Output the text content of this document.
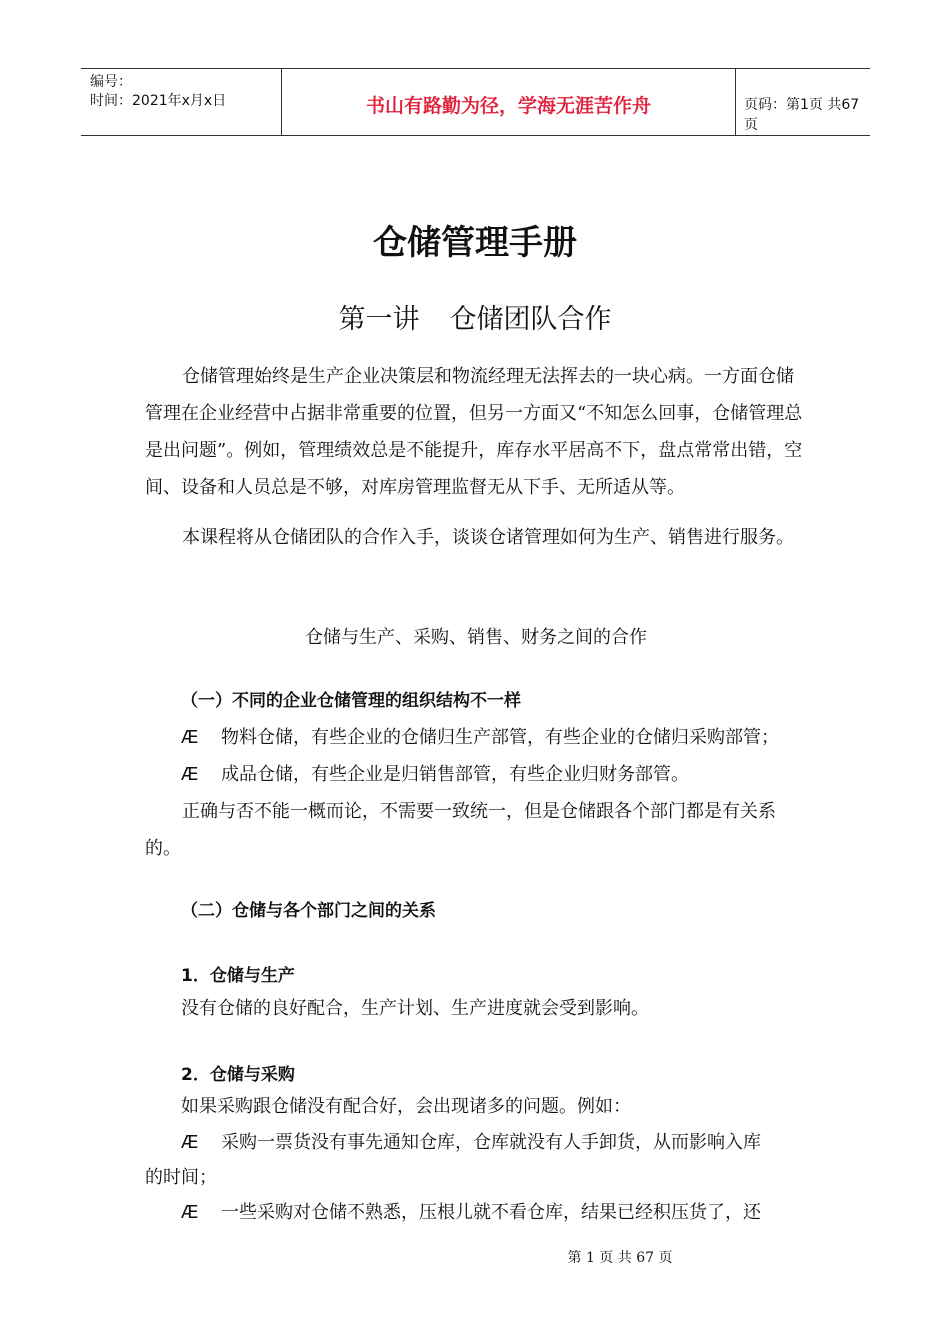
编号：
时间：2021年x月x日	书山有路勤为径，学海无涯苦作舟	页码：第1页 共67页
仓储管理手册
第一讲 仓储团队合作

仓储管理始终是生产企业决策层和物流经理无法挥去的一块心病。一方面仓储管理在企业经营中占据非常重要的位置，但另一方面又“不知怎么回事，仓储管理总是出问题”。例如，管理绩效总是不能提升，库存水平居高不下，盘点常常出错，空间、设备和人员总是不够，对库房管理监督无从下手、无所适从等。

本课程将从仓储团队的合作入手，谈谈仓诸管理如何为生产、销售进行服务。

仓储与生产、采购、销售、财务之间的合作

（一）不同的企业仓储管理的组织结构不一样

Æ 物料仓储，有些企业的仓储归生产部管，有些企业的仓储归采购部管；

Æ 成品仓储，有些企业是归销售部管，有些企业归财务部管。

正确与否不能一概而论，不需要一致统一，但是仓储跟各个部门都是有关系的。

（二）仓储与各个部门之间的关系

1．仓储与生产

没有仓储的良好配合，生产计划、生产进度就会受到影响。

2．仓储与采购

如果采购跟仓储没有配合好，会出现诸多的问题。例如：

Æ 采购一票货没有事先通知仓库，仓库就没有人手卸货，从而影响入库

的时间；

Æ 一些采购对仓储不熟悉，压根儿就不看仓库，结果已经积压货了，还

第 1 页 共 67 页
